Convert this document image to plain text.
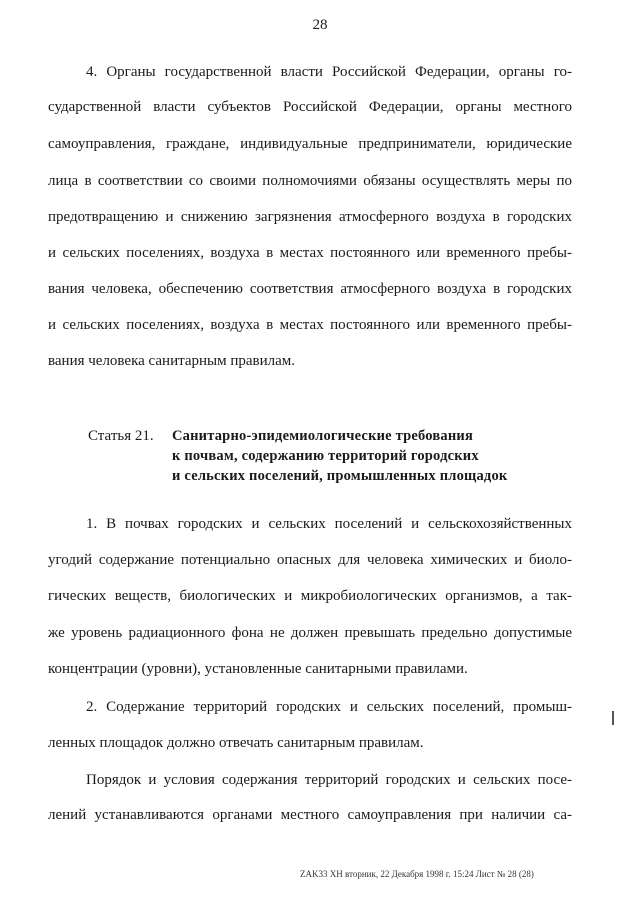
28
4. Органы государственной власти Российской Федерации, органы го-
сударственной власти субъектов Российской Федерации, органы местного
самоуправления, граждане, индивидуальные предприниматели, юридические
лица в соответствии со своими полномочиями обязаны осуществлять меры по
предотвращению и снижению загрязнения атмосферного воздуха в городских
и сельских поселениях, воздуха в местах постоянного или временного пребы-
вания человека, обеспечению соответствия атмосферного воздуха в городских
и сельских поселениях, воздуха в местах постоянного или временного пребы-
вания человека санитарным правилам.
Статья 21. Санитарно-эпидемиологические требования
к почвам, содержанию территорий городских
и сельских поселений, промышленных площадок
1. В почвах городских и сельских поселений и сельскохозяйственных
угодий содержание потенциально опасных для человека химических и биоло-
гических веществ, биологических и микробиологических организмов, а так-
же уровень радиационного фона не должен превышать предельно допустимые
концентрации (уровни), установленные санитарными правилами.
2. Содержание территорий городских и сельских поселений, промыш-
ленных площадок должно отвечать санитарным правилам.
Порядок и условия содержания территорий городских и сельских посе-
лений устанавливаются органами местного самоуправления при наличии са-
ZAK33 XH вторник, 22 Декабря 1998 г. 15:24 Лист № 28 (28)
